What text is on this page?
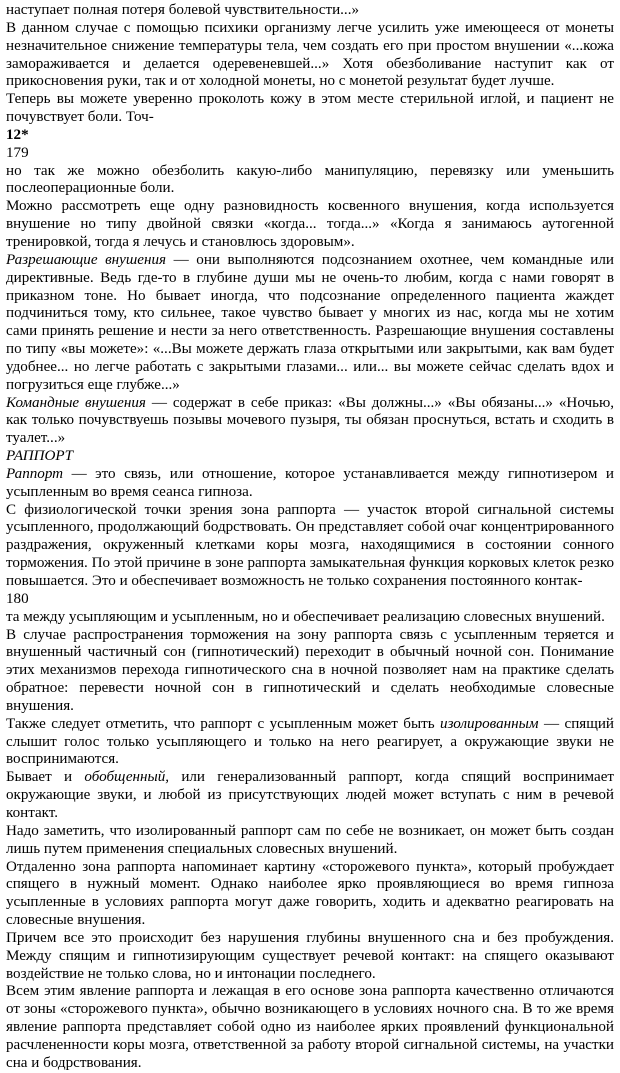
наступает полная потеря болевой чувствительности...»

В данном случае с помощью психики организму легче усилить уже имеющееся от монеты незначительное снижение температуры тела, чем создать его при простом внушении «...кожа замораживается и делается одеревеневшей...» Хотя обезболивание наступит как от прикосновения руки, так и от холодной монеты, но с монетой результат будет лучше.

Теперь вы можете уверенно проколоть кожу в этом месте стерильной иглой, и пациент не почувствует боли. Точ-

12*

179

но так же можно обезболить какую-либо манипуляцию, перевязку или уменьшить послеоперационные боли.

Можно рассмотреть еще одну разновидность косвенного внушения, когда используется внушение но типу двойной связки «когда... тогда...» «Когда я занимаюсь аутогенной тренировкой, тогда я лечусь и становлюсь здоровым».

Разрешающие внушения — они выполняются подсознанием охотнее, чем командные или директивные. Ведь где-то в глубине души мы не очень-то любим, когда с нами говорят в приказном тоне. Но бывает иногда, что подсознание определенного пациента жаждет подчиниться тому, кто сильнее, такое чувство бывает у многих из нас, когда мы не хотим сами принять решение и нести за него ответственность. Разрешающие внушения составлены по типу «вы можете»: «...Вы можете держать глаза открытыми или закрытыми, как вам будет удобнее... но легче работать с закрытыми глазами... или... вы можете сейчас сделать вдох и погрузиться еще глубже...»

Командные внушения — содержат в себе приказ: «Вы должны...» «Вы обязаны...» «Ночью, как только почувствуешь позывы мочевого пузыря, ты обязан проснуться, встать и сходить в туалет...»

РАППОРТ

Раппорт — это связь, или отношение, которое устанавливается между гипнотизером и усыпленным во время сеанса гипноза.

С физиологической точки зрения зона раппорта — участок второй сигнальной системы усыпленного, продолжающий бодрствовать. Он представляет собой очаг концентрированного раздражения, окруженный клетками коры мозга, находящимися в состоянии сонного торможения. По этой причине в зоне раппорта замыкательная функция корковых клеток резко повышается. Это и обеспечивает возможность не только сохранения постоянного контак-

180

та между усыпляющим и усыпленным, но и обеспечивает реализацию словесных внушений.

В случае распространения торможения на зону раппорта связь с усыпленным теряется и внушенный частичный сон (гипнотический) переходит в обычный ночной сон. Понимание этих механизмов перехода гипнотического сна в ночной позволяет нам на практике сделать обратное: перевести ночной сон в гипнотический и сделать необходимые словесные внушения.

Также следует отметить, что раппорт с усыпленным может быть изолированным — спящий слышит голос только усыпляющего и только на него реагирует, а окружающие звуки не воспринимаются.

Бывает и обобщенный, или генерализованный раппорт, когда спящий воспринимает окружающие звуки, и любой из присутствующих людей может вступать с ним в речевой контакт.

Надо заметить, что изолированный раппорт сам по себе не возникает, он может быть создан лишь путем применения специальных словесных внушений.

Отдаленно зона раппорта напоминает картину «сторожевого пункта», который пробуждает спящего в нужный момент. Однако наиболее ярко проявляющиеся во время гипноза усыпленные в условиях раппорта могут даже говорить, ходить и адекватно реагировать на словесные внушения.

Причем все это происходит без нарушения глубины внушенного сна и без пробуждения. Между спящим и гипнотизирующим существует речевой контакт: на спящего оказывают воздействие не только слова, но и интонации последнего.

Всем этим явление раппорта и лежащая в его основе зона раппорта качественно отличаются от зоны «сторожевого пункта», обычно возникающего в условиях ночного сна. В то же время явление раппорта представляет собой одно из наиболее ярких проявлений функциональной расчлененности коры мозга, ответственной за работу второй сигнальной системы, на участки сна и бодрствования.
